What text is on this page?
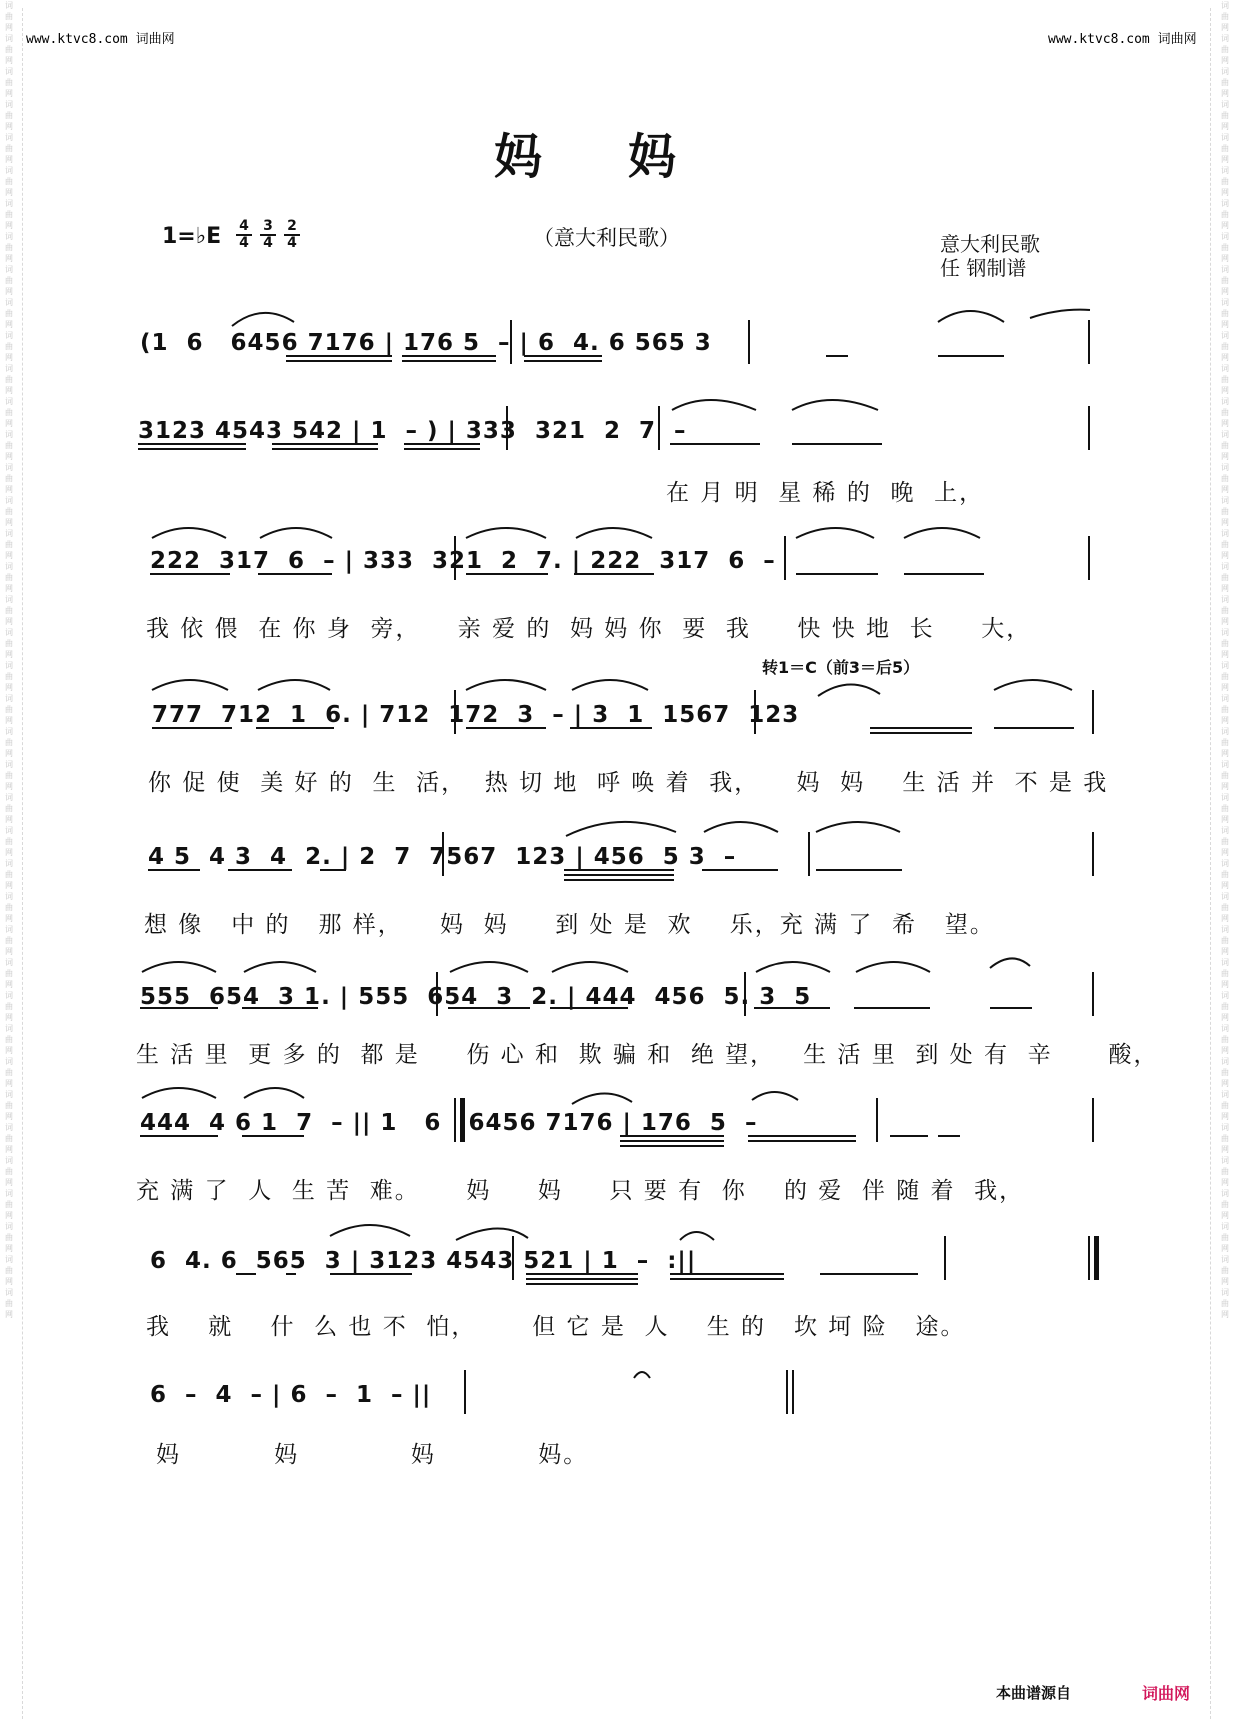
词曲网词曲网词曲网词曲网词曲网词曲网词曲网词曲网词曲网词曲网词曲网词曲网词曲网词曲网词曲网词曲网词曲网词曲网词曲网词曲网词曲网词曲网词曲网词曲网词曲网词曲网词曲网词曲网词曲网词曲网词曲网词曲网词曲网词曲网词曲网词曲网词曲网词曲网词曲网词曲网
词曲网词曲网词曲网词曲网词曲网词曲网词曲网词曲网词曲网词曲网词曲网词曲网词曲网词曲网词曲网词曲网词曲网词曲网词曲网词曲网词曲网词曲网词曲网词曲网词曲网词曲网词曲网词曲网词曲网词曲网词曲网词曲网词曲网词曲网词曲网词曲网词曲网词曲网词曲网词曲网
www.ktvc8.com 词曲网	www.ktvc8.com 词曲网
妈妈
（意大利民歌）
1=♭E 4
4
3
4
2
4	意大利民歌
任 钢制谱
转1＝C（前3＝后5）
(1  6   6456 7176 | 176 5  – | 6  4. 6 565 3
3123 4543 542 | 1  – ) | 333  321  2  7  –
在 月 明  星 稀 的  晚  上，
222  317  6  – | 333  321  2  7. | 222  317  6  –
我 依 偎  在 你 身  旁，    亲 爱 的  妈 妈 你  要  我     快 快 地  长     大，
777  712  1  6. | 712  172  3  – | 3  1  1567  123
你 促 使  美 好 的  生  活，  热 切 地  呼 唤 着  我，    妈  妈    生 活 并  不 是 我
4 5  4 3  4  2. | 2  7  7567  123 | 456  5 3  –
想 像   中 的   那 样，    妈  妈     到 处 是  欢    乐，充 满 了  希   望。
555  654  3 1. | 555  654  3  2. | 444  456  5. 3  5
生 活 里  更 多 的  都 是     伤 心 和  欺 骗 和  绝 望，   生 活 里  到 处 有  辛      酸，
444  4 6 1  7  – || 1   6   6456 7176 | 176  5  –
充 满 了  人  生 苦  难。     妈     妈     只 要 有  你    的 爱  伴 随 着  我，
6  4. 6  565  3 | 3123 4543 521 | 1  –  :||
我    就    什  么 也 不  怕，      但 它 是  人    生 的   坎 坷 险   途。
6  –  4  – | 6  –  1  – ||
妈          妈            妈           妈。
本曲谱源自	词曲网
